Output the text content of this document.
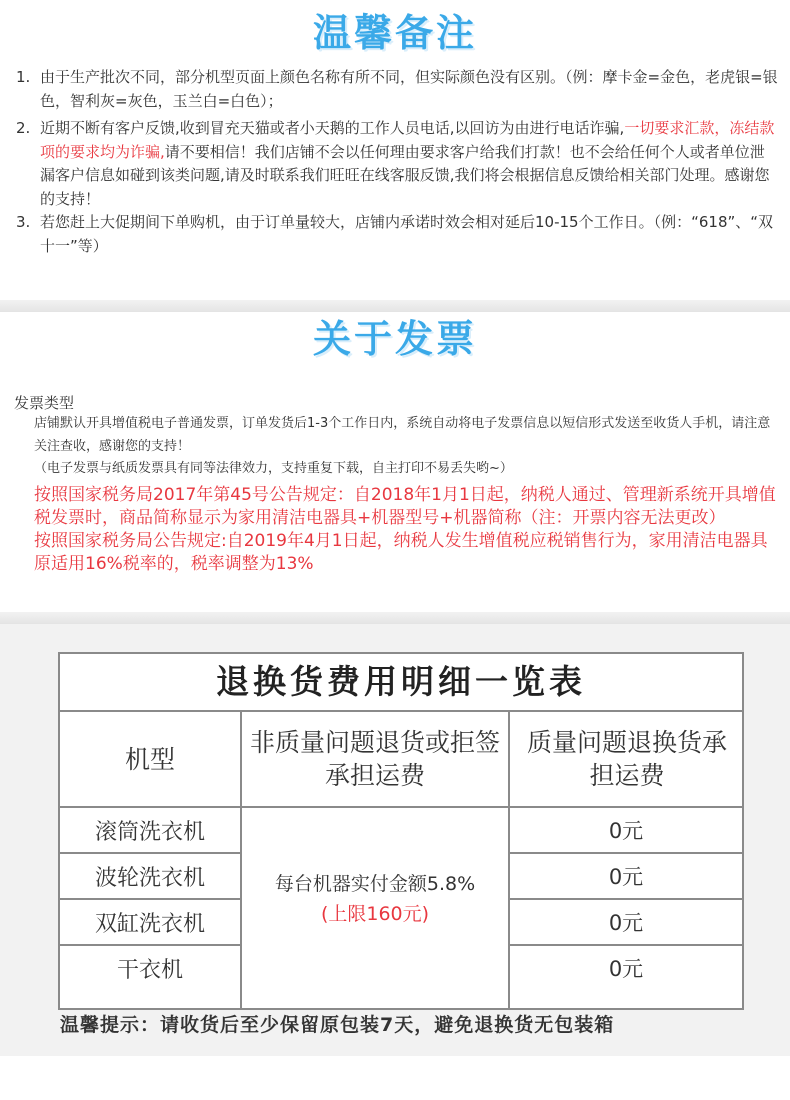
温馨备注
1. 由于生产批次不同，部分机型页面上颜色名称有所不同，但实际颜色没有区别。（例：摩卡金=金色，老虎银=银色，智利灰=灰色，玉兰白=白色）；
2. 近期不断有客户反馈,收到冒充天猫或者小天鹅的工作人员电话,以回访为由进行电话诈骗,一切要求汇款，冻结款项的要求均为诈骗,请不要相信！我们店铺不会以任何理由要求客户给我们打款！也不会给任何个人或者单位泄漏客户信息如碰到该类问题,请及时联系我们旺旺在线客服反馈,我们将会根据信息反馈给相关部门处理。感谢您的支持！
3. 若您赶上大促期间下单购机，由于订单量较大，店铺内承诺时效会相对延后10-15个工作日。（例：“618”、“双十一”等）
关于发票
发票类型
店铺默认开具增值税电子普通发票，订单发货后1-3个工作日内，系统自动将电子发票信息以短信形式发送至收货人手机，请注意关注查收，感谢您的支持！
（电子发票与纸质发票具有同等法律效力，支持重复下载，自主打印不易丢失哟~）
按照国家税务局2017年第45号公告规定：自2018年1月1日起，纳税人通过、管理新系统开具增值税发票时，商品简称显示为家用清洁电器具+机器型号+机器简称（注：开票内容无法更改）
按照国家税务局公告规定:自2019年4月1日起，纳税人发生增值税应税销售行为，家用清洁电器具原适用16%税率的，税率调整为13%
退换货费用明细一览表
机型
非质量问题退货或拒签承担运费
质量问题退换货承担运费
滚筒洗衣机
波轮洗衣机
双缸洗衣机
干衣机
每台机器实付金额5.8%
(上限160元)
0元
0元
0元
0元
温馨提示：请收货后至少保留原包装7天，避免退换货无包装箱
